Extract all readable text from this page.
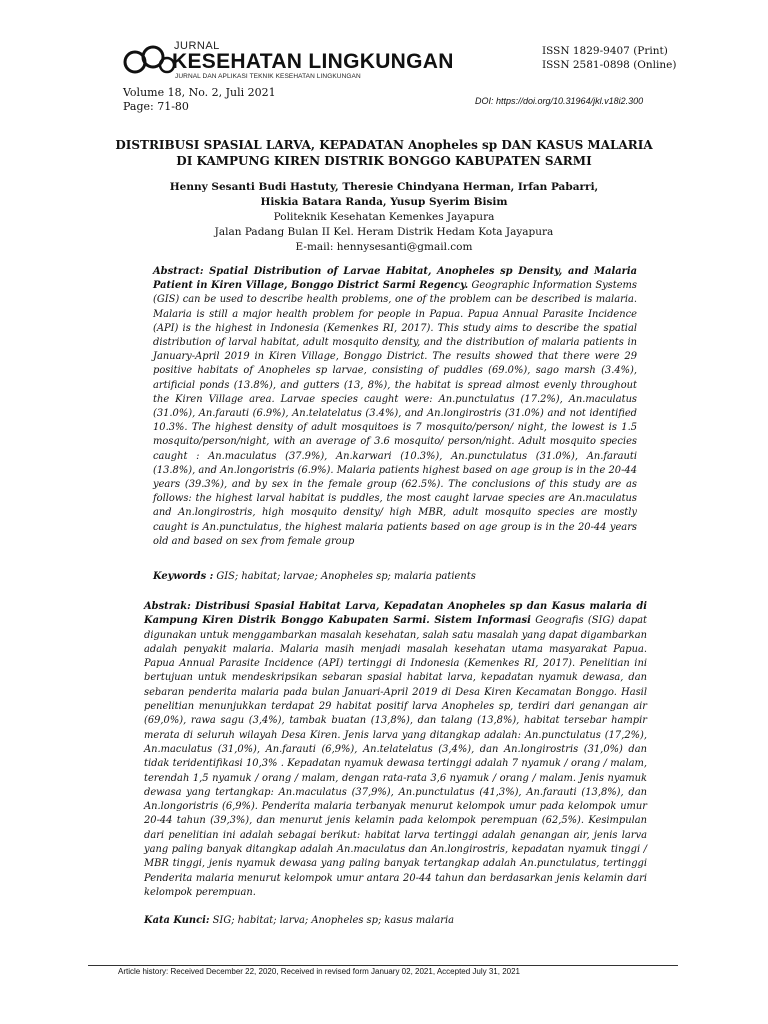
JURNAL
KESEHATAN LINGKUNGAN
JURNAL DAN APLIKASI TEKNIK KESEHATAN LINGKUNGAN
ISSN 1829-9407 (Print)
ISSN 2581-0898 (Online)
Volume 18, No. 2, Juli 2021
Page: 71-80	DOI: https://doi.org/10.31964/jkl.v18i2.300
DISTRIBUSI SPASIAL LARVA, KEPADATAN Anopheles sp DAN KASUS MALARIA
DI KAMPUNG KIREN DISTRIK BONGGO KABUPATEN SARMI
Henny Sesanti Budi Hastuty, Theresie Chindyana Herman, Irfan Pabarri,
Hiskia Batara Randa, Yusup Syerim Bisim
Politeknik Kesehatan Kemenkes Jayapura
Jalan Padang Bulan II Kel. Heram Distrik Hedam Kota Jayapura
E-mail: hennysesanti@gmail.com
Abstract: Spatial Distribution of Larvae Habitat, Anopheles sp Density, and Malaria Patient in Kiren Village, Bonggo District Sarmi Regency. Geographic Information Systems (GIS) can be used to describe health problems, one of the problem can be described is malaria. Malaria is still a major health problem for people in Papua. Papua Annual Parasite Incidence (API) is the highest in Indonesia (Kemenkes RI, 2017). This study aims to describe the spatial distribution of larval habitat, adult mosquito density, and the distribution of malaria patients in January-April 2019 in Kiren Village, Bonggo District. The results showed that there were 29 positive habitats of Anopheles sp larvae, consisting of puddles (69.0%), sago marsh (3.4%), artificial ponds (13.8%), and gutters (13, 8%), the habitat is spread almost evenly throughout the Kiren Village area. Larvae species caught were: An.punctulatus (17.2%), An.maculatus (31.0%), An.farauti (6.9%), An.telatelatus (3.4%), and An.longirostris (31.0%) and not identified 10.3%. The highest density of adult mosquitoes is 7 mosquito/person/ night, the lowest is 1.5 mosquito/person/night, with an average of 3.6 mosquito/ person/night. Adult mosquito species caught : An.maculatus (37.9%), An.karwari (10.3%), An.punctulatus (31.0%), An.farauti (13.8%), and An.longoristris (6.9%). Malaria patients highest based on age group is in the 20-44 years (39.3%), and by sex in the female group (62.5%). The conclusions of this study are as follows: the highest larval habitat is puddles, the most caught larvae species are An.maculatus and An.longirostris, high mosquito density/ high MBR, adult mosquito species are mostly caught is An.punctulatus, the highest malaria patients based on age group is in the 20-44 years old and based on sex from female group
Keywords : GIS; habitat; larvae; Anopheles sp; malaria patients
Abstrak: Distribusi Spasial Habitat Larva, Kepadatan Anopheles sp dan Kasus malaria di Kampung Kiren Distrik Bonggo Kabupaten Sarmi. Sistem Informasi Geografis (SIG) dapat digunakan untuk menggambarkan masalah kesehatan, salah satu masalah yang dapat digambarkan adalah penyakit malaria. Malaria masih menjadi masalah kesehatan utama masyarakat Papua. Papua Annual Parasite Incidence (API) tertinggi di Indonesia (Kemenkes RI, 2017). Penelitian ini bertujuan untuk mendeskripsikan sebaran spasial habitat larva, kepadatan nyamuk dewasa, dan sebaran penderita malaria pada bulan Januari-April 2019 di Desa Kiren Kecamatan Bonggo. Hasil penelitian menunjukkan terdapat 29 habitat positif larva Anopheles sp, terdiri dari genangan air (69,0%), rawa sagu (3,4%), tambak buatan (13,8%), dan talang (13,8%), habitat tersebar hampir merata di seluruh wilayah Desa Kiren. Jenis larva yang ditangkap adalah: An.punctulatus (17,2%), An.maculatus (31,0%), An.farauti (6,9%), An.telatelatus (3,4%), dan An.longirostris (31,0%) dan tidak teridentifikasi 10,3% . Kepadatan nyamuk dewasa tertinggi adalah 7 nyamuk / orang / malam, terendah 1,5 nyamuk / orang / malam, dengan rata-rata 3,6 nyamuk / orang / malam. Jenis nyamuk dewasa yang tertangkap: An.maculatus (37,9%), An.punctulatus (41,3%), An.farauti (13,8%), dan An.longoristris (6,9%). Penderita malaria terbanyak menurut kelompok umur pada kelompok umur 20-44 tahun (39,3%), dan menurut jenis kelamin pada kelompok perempuan (62,5%). Kesimpulan dari penelitian ini adalah sebagai berikut: habitat larva tertinggi adalah genangan air, jenis larva yang paling banyak ditangkap adalah An.maculatus dan An.longirostris, kepadatan nyamuk tinggi / MBR tinggi, jenis nyamuk dewasa yang paling banyak tertangkap adalah An.punctulatus, tertinggi Penderita malaria menurut kelompok umur antara 20-44 tahun dan berdasarkan jenis kelamin dari kelompok perempuan.
Kata Kunci: SIG; habitat; larva; Anopheles sp; kasus malaria
Article history: Received December 22, 2020, Received in revised form January 02, 2021, Accepted July 31, 2021
